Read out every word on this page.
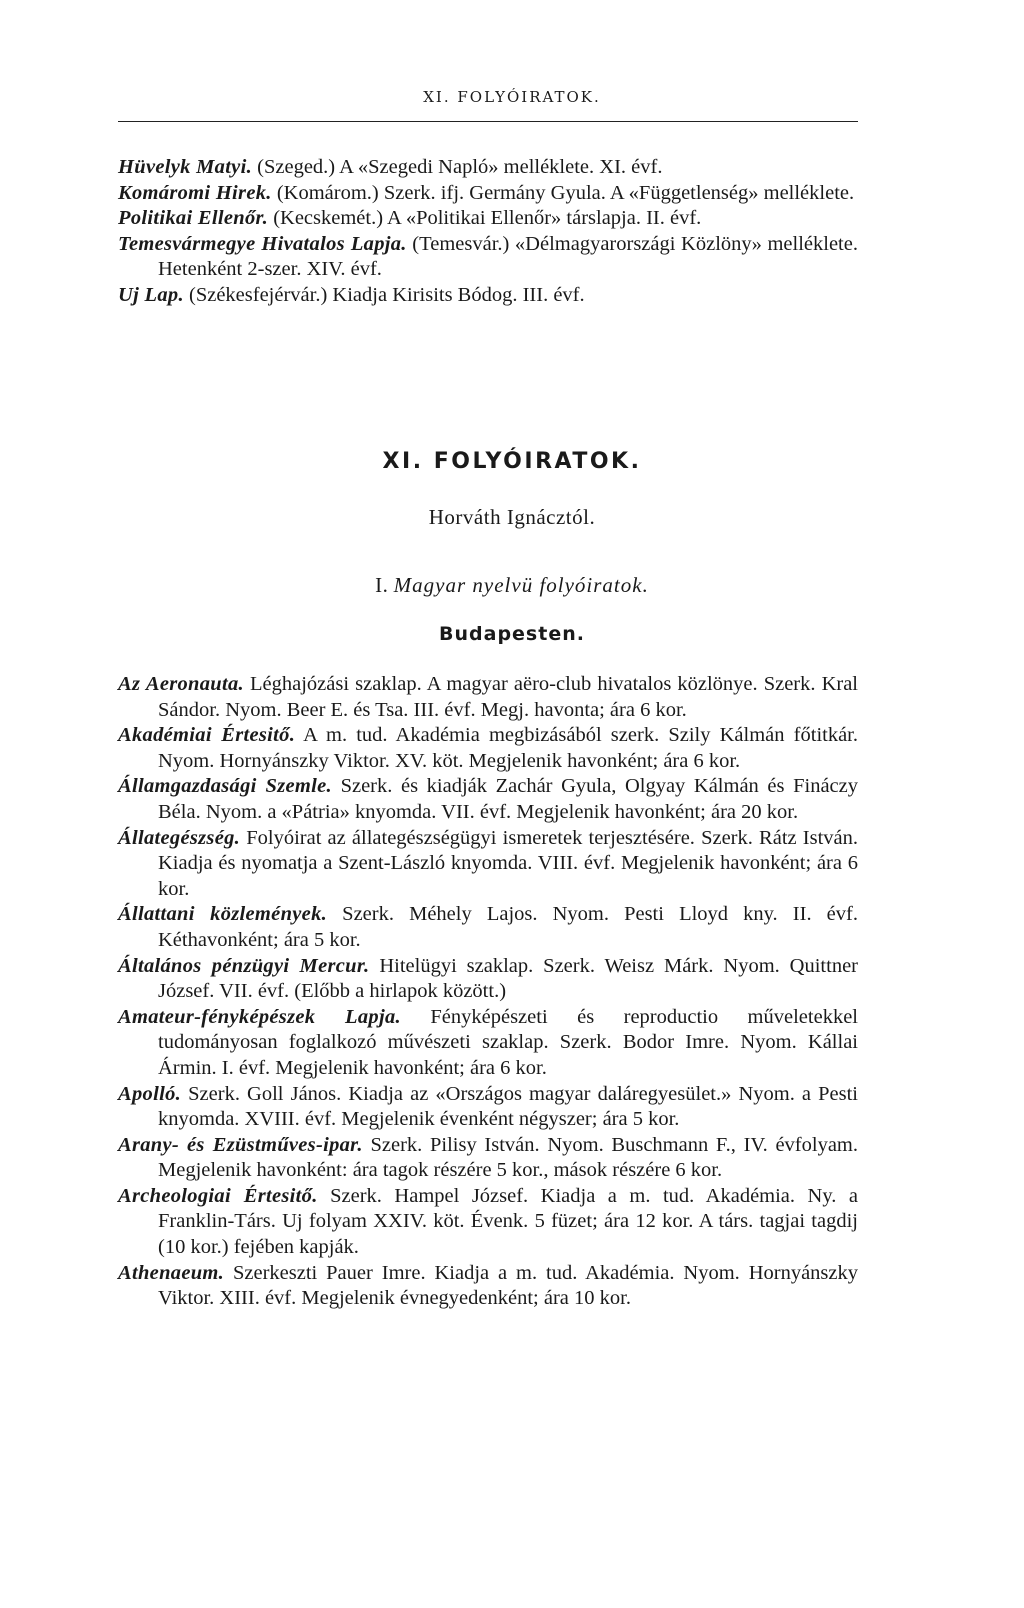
XI. FOLYÓIRATOK.

Hüvelyk Matyi. (Szeged.) A «Szegedi Napló» melléklete. XI. évf.

Komáromi Hirek. (Komárom.) Szerk. ifj. Germány Gyula. A «Függetlenség» melléklete.

Politikai Ellenőr. (Kecskemét.) A «Politikai Ellenőr» társlapja. II. évf.

Temesvármegye Hivatalos Lapja. (Temesvár.) «Délmagyarországi Közlöny» melléklete. Hetenként 2-szer. XIV. évf.

Uj Lap. (Székesfejérvár.) Kiadja Kirisits Bódog. III. évf.

XI. FOLYÓIRATOK.
Horváth Ignácztól.
I. Magyar nyelvü folyóiratok.
Budapesten.

Az Aeronauta. Léghajózási szaklap. A magyar aëro-club hivatalos közlönye. Szerk. Kral Sándor. Nyom. Beer E. és Tsa. III. évf. Megj. havonta; ára 6 kor.

Akadémiai Értesitő. A m. tud. Akadémia megbizásából szerk. Szily Kálmán főtitkár. Nyom. Hornyánszky Viktor. XV. köt. Megjelenik havonként; ára 6 kor.

Államgazdasági Szemle. Szerk. és kiadják Zachár Gyula, Olgyay Kálmán és Fináczy Béla. Nyom. a «Pátria» knyomda. VII. évf. Megjelenik havonként; ára 20 kor.

Állategészség. Folyóirat az állategészségügyi ismeretek terjesztésére. Szerk. Rátz István. Kiadja és nyomatja a Szent-László knyomda. VIII. évf. Megjelenik havonként; ára 6 kor.

Állattani közlemények. Szerk. Méhely Lajos. Nyom. Pesti Lloyd kny. II. évf. Kéthavonként; ára 5 kor.

Általános pénzügyi Mercur. Hitelügyi szaklap. Szerk. Weisz Márk. Nyom. Quittner József. VII. évf. (Előbb a hirlapok között.)

Amateur-fényképészek Lapja. Fényképészeti és reproductio műveletekkel tudományosan foglalkozó művészeti szaklap. Szerk. Bodor Imre. Nyom. Kállai Ármin. I. évf. Megjelenik havonként; ára 6 kor.

Apolló. Szerk. Goll János. Kiadja az «Országos magyar daláregyesület.» Nyom. a Pesti knyomda. XVIII. évf. Megjelenik évenként négyszer; ára 5 kor.

Arany- és Ezüstműves-ipar. Szerk. Pilisy István. Nyom. Buschmann F., IV. évfolyam. Megjelenik havonként: ára tagok részére 5 kor., mások részére 6 kor.

Archeologiai Értesitő. Szerk. Hampel József. Kiadja a m. tud. Akadémia. Ny. a Franklin-Társ. Uj folyam XXIV. köt. Évenk. 5 füzet; ára 12 kor. A társ. tagjai tagdij (10 kor.) fejében kapják.

Athenaeum. Szerkeszti Pauer Imre. Kiadja a m. tud. Akadémia. Nyom. Hornyánszky Viktor. XIII. évf. Megjelenik évnegyedenként; ára 10 kor.
